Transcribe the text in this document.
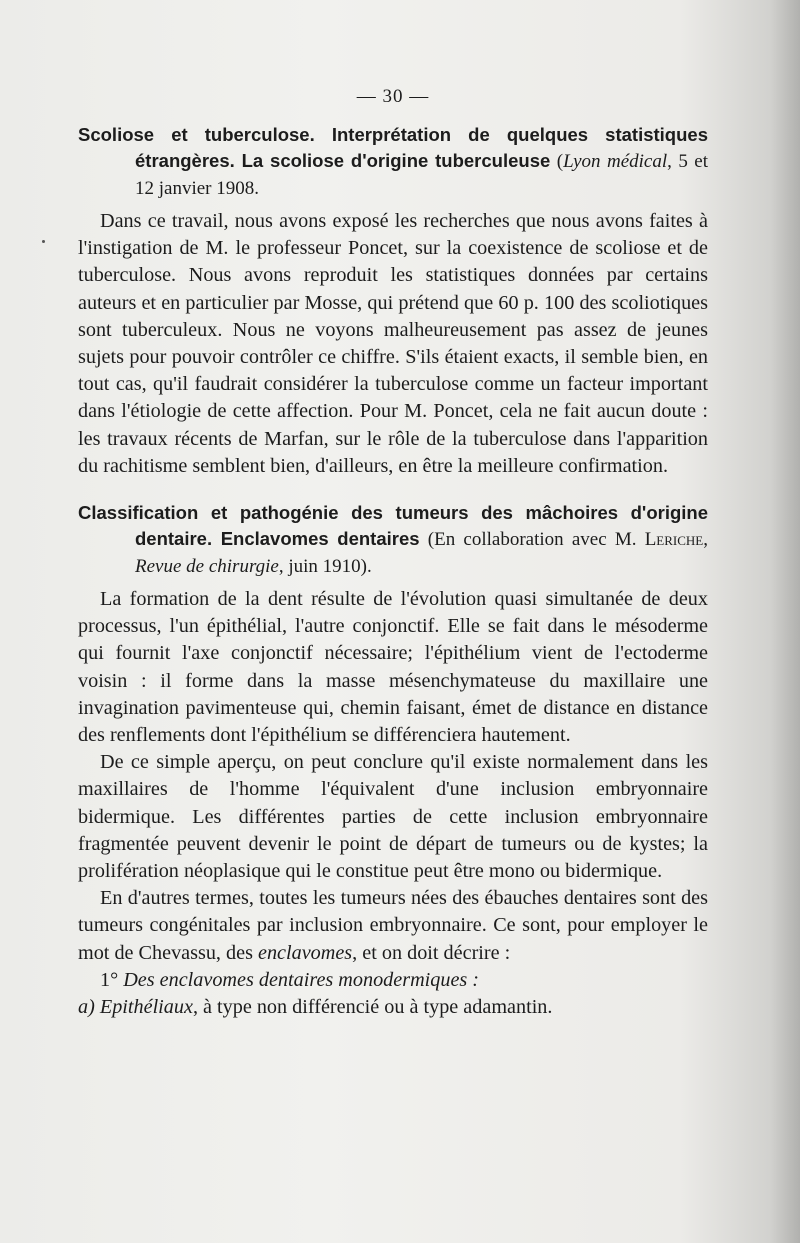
— 30 —

Scoliose et tuberculose. Interprétation de quelques statistiques étrangères. La scoliose d'origine tuberculeuse (Lyon médical, 5 et 12 janvier 1908.

Dans ce travail, nous avons exposé les recherches que nous avons faites à l'instigation de M. le professeur Poncet, sur la coexistence de scoliose et de tuberculose. Nous avons reproduit les statistiques données par certains auteurs et en particulier par Mosse, qui prétend que 60 p. 100 des scoliotiques sont tuberculeux. Nous ne voyons malheureusement pas assez de jeunes sujets pour pouvoir contrôler ce chiffre. S'ils étaient exacts, il semble bien, en tout cas, qu'il faudrait considérer la tuberculose comme un facteur important dans l'étiologie de cette affection. Pour M. Poncet, cela ne fait aucun doute : les travaux récents de Marfan, sur le rôle de la tuberculose dans l'apparition du rachitisme semblent bien, d'ailleurs, en être la meilleure confirmation.

Classification et pathogénie des tumeurs des mâchoires d'origine dentaire. Enclavomes dentaires (En collaboration avec M. Leriche, Revue de chirurgie, juin 1910).

La formation de la dent résulte de l'évolution quasi simultanée de deux processus, l'un épithélial, l'autre conjonctif. Elle se fait dans le mésoderme qui fournit l'axe conjonctif nécessaire; l'épithélium vient de l'ectoderme voisin : il forme dans la masse mésenchymateuse du maxillaire une invagination pavimenteuse qui, chemin faisant, émet de distance en distance des renflements dont l'épithélium se différenciera hautement.

De ce simple aperçu, on peut conclure qu'il existe normalement dans les maxillaires de l'homme l'équivalent d'une inclusion embryonnaire bidermique. Les différentes parties de cette inclusion embryonnaire fragmentée peuvent devenir le point de départ de tumeurs ou de kystes; la prolifération néoplasique qui le constitue peut être mono ou bidermique.

En d'autres termes, toutes les tumeurs nées des ébauches dentaires sont des tumeurs congénitales par inclusion embryonnaire. Ce sont, pour employer le mot de Chevassu, des enclavomes, et on doit décrire :

1° Des enclavomes dentaires monodermiques :

a) Epithéliaux, à type non différencié ou à type adamantin.
